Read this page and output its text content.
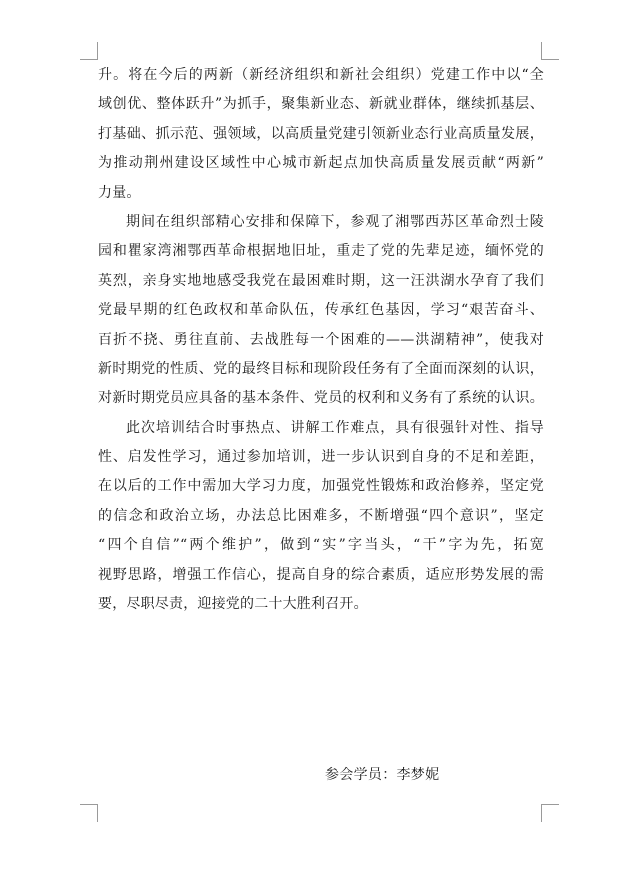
升。将在今后的两新（新经济组织和新社会组织）党建工作中以“全
域创优、整体跃升”为抓手，聚集新业态、新就业群体，继续抓基层、
打基础、抓示范、强领域，以高质量党建引领新业态行业高质量发展，
为推动荆州建设区域性中心城市新起点加快高质量发展贡献“两新”
力量。
期间在组织部精心安排和保障下，参观了湘鄂西苏区革命烈士陵
园和瞿家湾湘鄂西革命根据地旧址，重走了党的先辈足迹，缅怀党的
英烈，亲身实地地感受我党在最困难时期，这一汪洪湖水孕育了我们
党最早期的红色政权和革命队伍，传承红色基因，学习“艰苦奋斗、
百折不挠、勇往直前、去战胜每一个困难的——洪湖精神”，使我对
新时期党的性质、党的最终目标和现阶段任务有了全面而深刻的认识，
对新时期党员应具备的基本条件、党员的权利和义务有了系统的认识。
此次培训结合时事热点、讲解工作难点，具有很强针对性、指导
性、启发性学习，通过参加培训，进一步认识到自身的不足和差距，
在以后的工作中需加大学习力度，加强党性锻炼和政治修养，坚定党
的信念和政治立场，办法总比困难多，不断增强“四个意识”，坚定
“四个自信”“两个维护”，做到“实”字当头，“干”字为先，拓宽
视野思路，增强工作信心，提高自身的综合素质，适应形势发展的需
要，尽职尽责，迎接党的二十大胜利召开。
参会学员：李梦妮
